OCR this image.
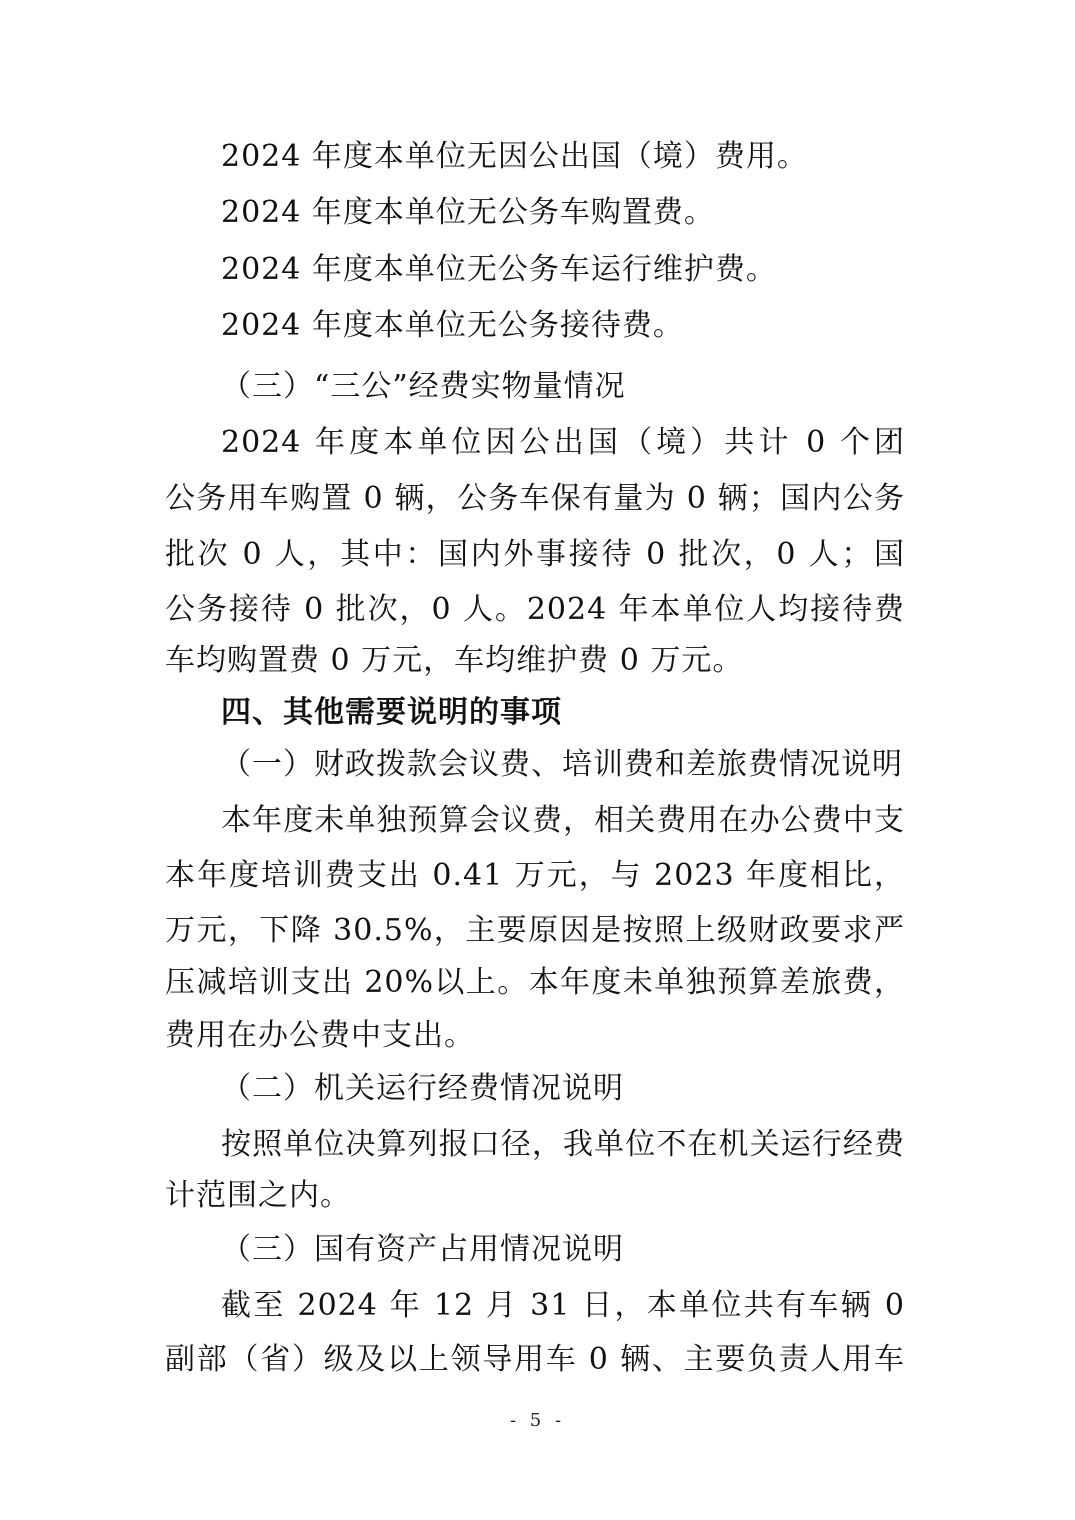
2024 年度本单位无因公出国（境）费用。
2024 年度本单位无公务车购置费。
2024 年度本单位无公务车运行维护费。
2024 年度本单位无公务接待费。
（三）“三公”经费实物量情况
2024 年度本单位因公出国（境）共计 0 个团
公务用车购置 0 辆，公务车保有量为 0 辆；国内公务
批次 0 人，其中：国内外事接待 0 批次，0 人；国
公务接待 0 批次，0 人。2024 年本单位人均接待费
车均购置费 0 万元，车均维护费 0 万元。
四、其他需要说明的事项
（一）财政拨款会议费、培训费和差旅费情况说明
本年度未单独预算会议费，相关费用在办公费中支
本年度培训费支出 0.41 万元，与 2023 年度相比，
万元，下降 30.5%，主要原因是按照上级财政要求严
压减培训支出 20%以上。本年度未单独预算差旅费，
费用在办公费中支出。
（二）机关运行经费情况说明
按照单位决算列报口径，我单位不在机关运行经费
计范围之内。
（三）国有资产占用情况说明
截至 2024 年 12 月 31 日，本单位共有车辆 0
副部（省）级及以上领导用车 0 辆、主要负责人用车
- 5 -
